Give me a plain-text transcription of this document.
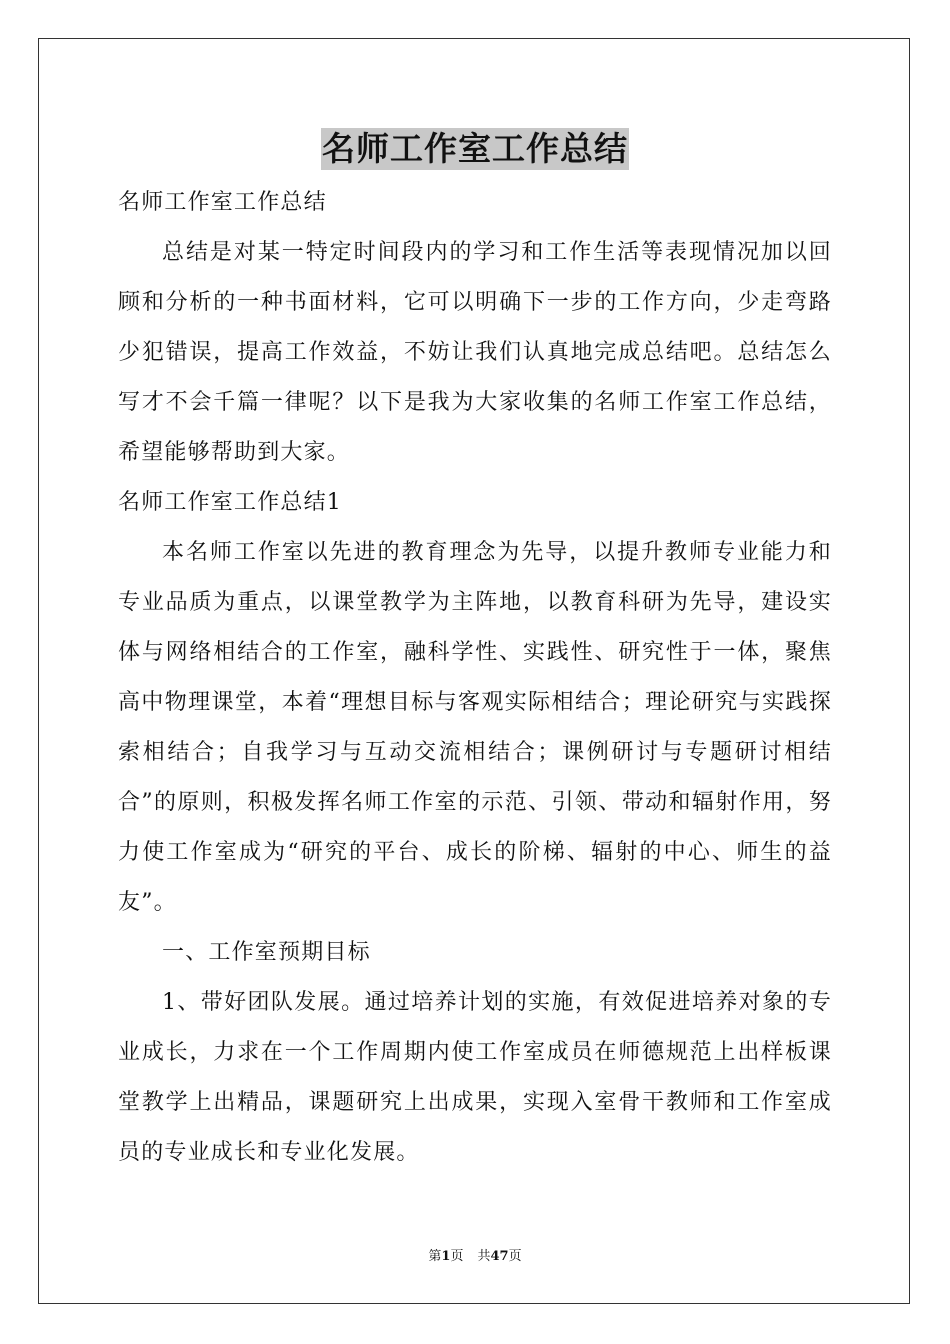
名师工作室工作总结

名师工作室工作总结

总结是对某一特定时间段内的学习和工作生活等表现情况加以回顾和分析的一种书面材料，它可以明确下一步的工作方向，少走弯路少犯错误，提高工作效益，不妨让我们认真地完成总结吧。总结怎么写才不会千篇一律呢？以下是我为大家收集的名师工作室工作总结，希望能够帮助到大家。

名师工作室工作总结1

本名师工作室以先进的教育理念为先导，以提升教师专业能力和专业品质为重点，以课堂教学为主阵地，以教育科研为先导，建设实体与网络相结合的工作室，融科学性、实践性、研究性于一体，聚焦高中物理课堂，本着“理想目标与客观实际相结合；理论研究与实践探索相结合；自我学习与互动交流相结合；课例研讨与专题研讨相结合”的原则，积极发挥名师工作室的示范、引领、带动和辐射作用，努力使工作室成为“研究的平台、成长的阶梯、辐射的中心、师生的益友”。

一、工作室预期目标

1、带好团队发展。通过培养计划的实施，有效促进培养对象的专业成长，力求在一个工作周期内使工作室成员在师德规范上出样板课堂教学上出精品，课题研究上出成果，实现入室骨干教师和工作室成员的专业成长和专业化发展。

第1页 共47页
